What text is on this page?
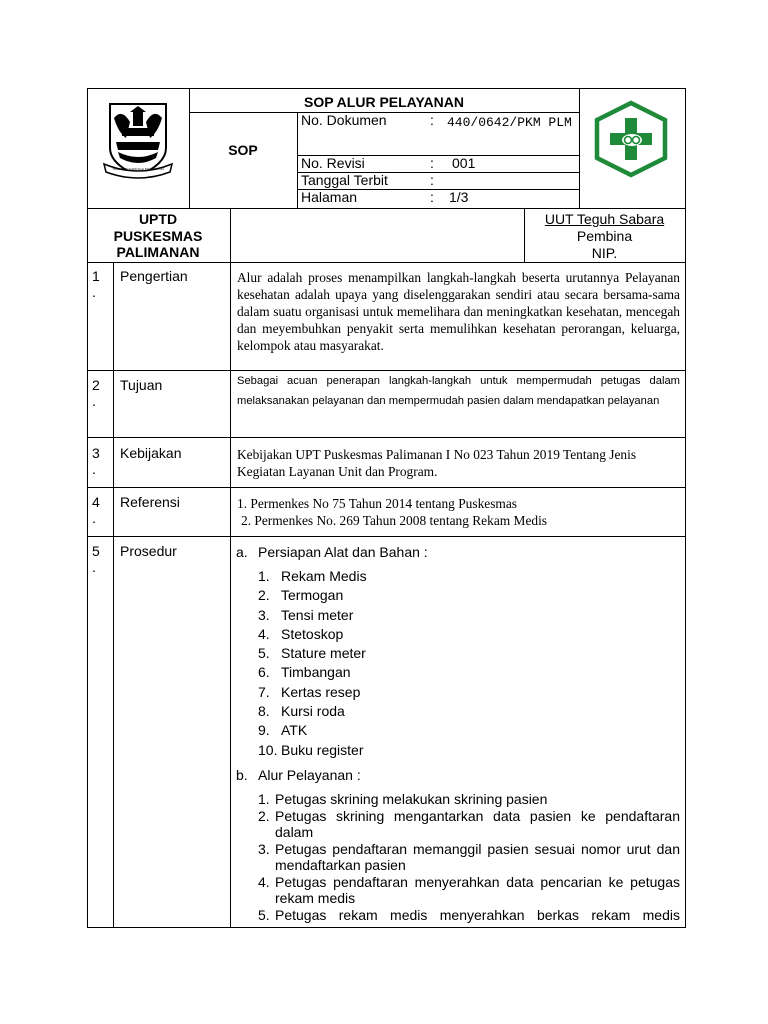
TANU RING KAMI AGU ING SAMPUN
SOP ALUR PELAYANAN
SOP
No. Dokumen	: 440/0642/PKM PLM
No. Revisi	: 001
Tanggal Terbit	:
Halaman	: 1/3
UPTD PUSKESMAS PALIMANAN
UUT Teguh Sabara
Pembina
NIP.
1
.
Pengertian	Alur adalah proses menampilkan langkah-langkah beserta urutannya Pelayanan kesehatan adalah upaya yang diselenggarakan sendiri atau secara bersama-sama dalam suatu organisasi untuk memelihara dan meningkatkan kesehatan, mencegah dan meyembuhkan penyakit serta memulihkan kesehatan perorangan, keluarga, kelompok atau masyarakat.
2
.
Tujuan	Sebagai acuan penerapan langkah-langkah untuk mempermudah petugas dalam melaksanakan pelayanan dan mempermudah pasien dalam mendapatkan pelayanan
3
.
Kebijakan	Kebijakan UPT Puskesmas Palimanan I No 023 Tahun 2019 Tentang Jenis Kegiatan Layanan Unit dan Program.
4
.
Referensi	1. Permenkes No 75 Tahun 2014 tentang Puskesmas
2. Permenkes No. 269 Tahun 2008 tentang Rekam Medis
5
.
Prosedur	a. Persiapan Alat dan Bahan :
1. Rekam Medis
2. Termogan
3. Tensi meter
4. Stetoskop
5. Stature meter
6. Timbangan
7. Kertas resep
8. Kursi roda
9. ATK
10. Buku register
b. Alur Pelayanan :
1. Petugas skrining melakukan skrining pasien
2. Petugas skrining mengantarkan data pasien ke pendaftaran dalam
3. Petugas pendaftaran memanggil pasien sesuai nomor urut dan mendaftarkan pasien
4. Petugas pendaftaran menyerahkan data pencarian ke petugas rekam medis
5. Petugas rekam medis menyerahkan berkas rekam medis
